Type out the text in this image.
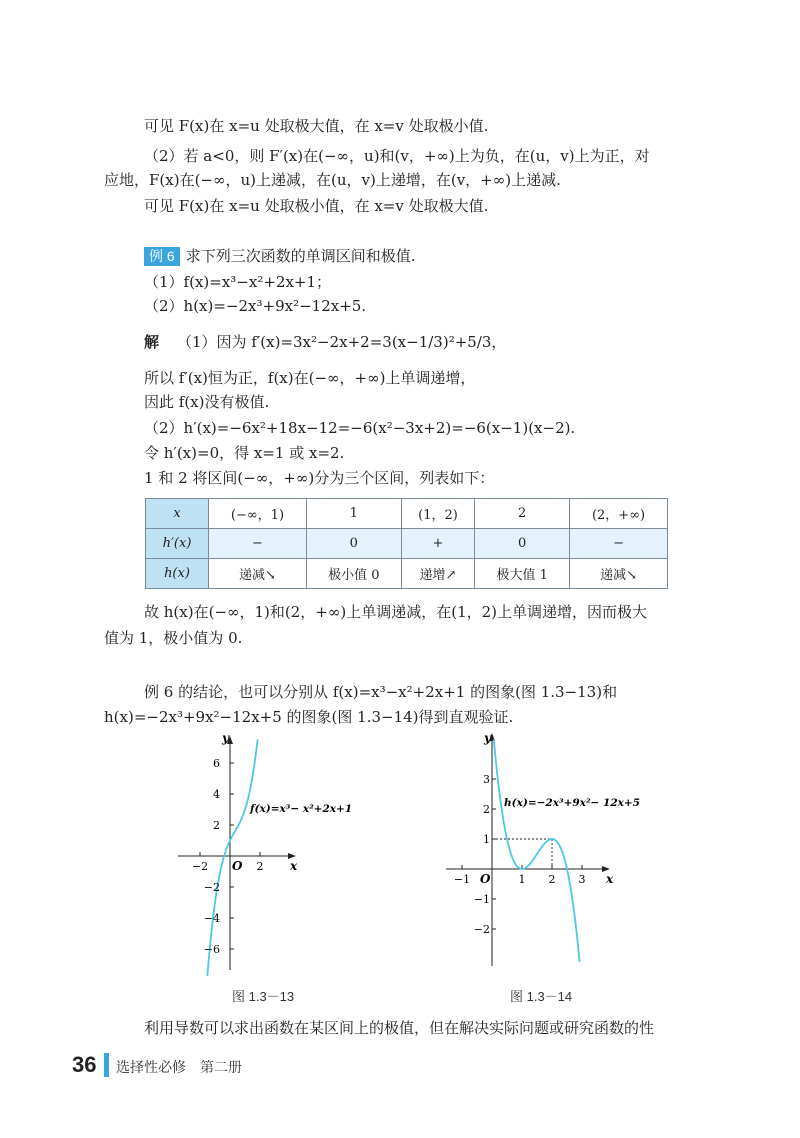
可见 F(x)在 x=u 处取极大值，在 x=v 处取极小值.
（2）若 a<0，则 F′(x)在(−∞，u)和(v，+∞)上为负，在(u，v)上为正，对
应地，F(x)在(−∞，u)上递减，在(u，v)上递增，在(v，+∞)上递减.
可见 F(x)在 x=u 处取极小值，在 x=v 处取极大值.
例 6 求下列三次函数的单调区间和极值.
（1）f(x)=x³−x²+2x+1；
（2）h(x)=−2x³+9x²−12x+5.
解 （1）因为 f′(x)=3x²−2x+2=3(x−1/3)²+5/3，
所以 f′(x)恒为正，f(x)在(−∞，+∞)上单调递增，
因此 f(x)没有极值.
（2）h′(x)=−6x²+18x−12=−6(x²−3x+2)=−6(x−1)(x−2).
令 h′(x)=0，得 x=1 或 x=2.
1 和 2 将区间(−∞，+∞)分为三个区间，列表如下：
x	(−∞，1)	1	(1，2)	2	(2，+∞)
h′(x)	−	0	+	0	−
h(x)	递减↘	极小值 0	递增↗	极大值 1	递减↘
故 h(x)在(−∞，1)和(2，+∞)上单调递减，在(1，2)上单调递增，因而极大
值为 1，极小值为 0.
例 6 的结论，也可以分别从 f(x)=x³−x²+2x+1 的图象(图 1.3−13)和
h(x)=−2x³+9x²−12x+5 的图象(图 1.3−14)得到直观验证.
y
x
O
6
4
2
−2
−4
−6
−2	2
f(x)=x³− x²+2x+1
图 1.3－13
y
x
O
3
2
1
−1
−2
−1	1 2 3
h(x)=−2x³+9x²− 12x+5
图 1.3－14
利用导数可以求出函数在某区间上的极值，但在解决实际问题或研究函数的性
36 选择性必修　第二册
